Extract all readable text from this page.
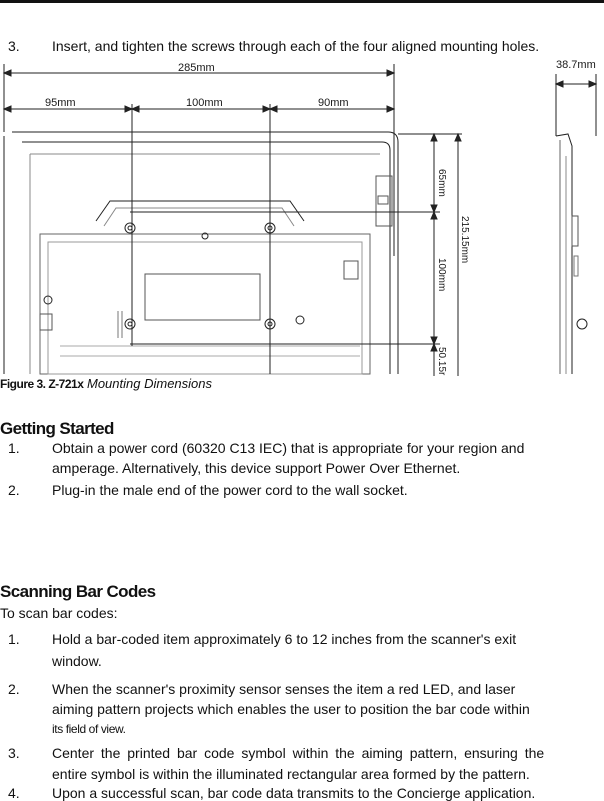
3. Insert, and tighten the screws through each of the four aligned mounting holes.
285mm
95mm	100mm	90mm
38.7mm
65mm
100mm
50.15r
215.15mm
Figure 3. Z-721x Mounting Dimensions
Getting Started
1. Obtain a power cord (60320 C13 IEC) that is appropriate for your region and
amperage. Alternatively, this device support Power Over Ethernet.
2. Plug-in the male end of the power cord to the wall socket.
Scanning Bar Codes
To scan bar codes:
1. Hold a bar-coded item approximately 6 to 12 inches from the scanner's exit
window.
2. When the scanner's proximity sensor senses the item a red LED, and laser
aiming pattern projects which enables the user to position the bar code within
its field of view.
3. Center the printed bar code symbol within the aiming pattern, ensuring the
entire symbol is within the illuminated rectangular area formed by the pattern.
4. Upon a successful scan, bar code data transmits to the Concierge application.
